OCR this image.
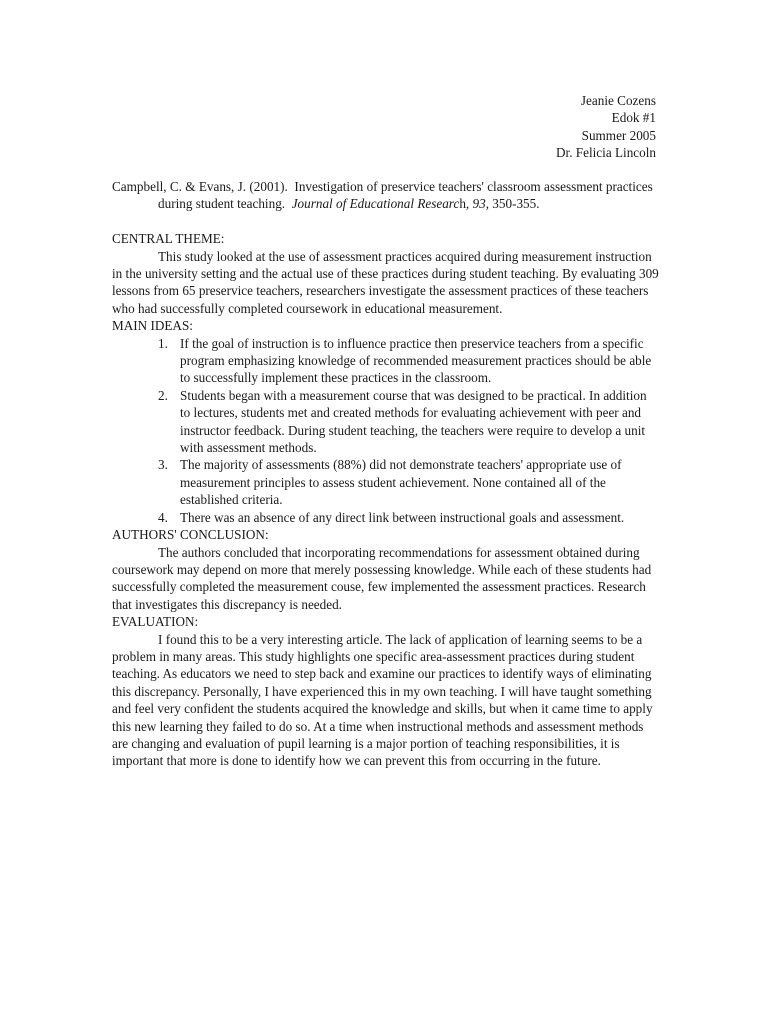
Jeanie Cozens
Edok #1
Summer 2005
Dr. Felicia Lincoln
Campbell, C. & Evans, J. (2001). Investigation of preservice teachers' classroom assessment practices during student teaching. Journal of Educational Research, 93, 350-355.
CENTRAL THEME:
This study looked at the use of assessment practices acquired during measurement instruction in the university setting and the actual use of these practices during student teaching. By evaluating 309 lessons from 65 preservice teachers, researchers investigate the assessment practices of these teachers who had successfully completed coursework in educational measurement.
MAIN IDEAS:
1. If the goal of instruction is to influence practice then preservice teachers from a specific program emphasizing knowledge of recommended measurement practices should be able to successfully implement these practices in the classroom.
2. Students began with a measurement course that was designed to be practical. In addition to lectures, students met and created methods for evaluating achievement with peer and instructor feedback. During student teaching, the teachers were require to develop a unit with assessment methods.
3. The majority of assessments (88%) did not demonstrate teachers' appropriate use of measurement principles to assess student achievement. None contained all of the established criteria.
4. There was an absence of any direct link between instructional goals and assessment.
AUTHORS' CONCLUSION:
The authors concluded that incorporating recommendations for assessment obtained during coursework may depend on more that merely possessing knowledge. While each of these students had successfully completed the measurement couse, few implemented the assessment practices. Research that investigates this discrepancy is needed.
EVALUATION:
I found this to be a very interesting article. The lack of application of learning seems to be a problem in many areas. This study highlights one specific area-assessment practices during student teaching. As educators we need to step back and examine our practices to identify ways of eliminating this discrepancy. Personally, I have experienced this in my own teaching. I will have taught something and feel very confident the students acquired the knowledge and skills, but when it came time to apply this new learning they failed to do so. At a time when instructional methods and assessment methods are changing and evaluation of pupil learning is a major portion of teaching responsibilities, it is important that more is done to identify how we can prevent this from occurring in the future.
